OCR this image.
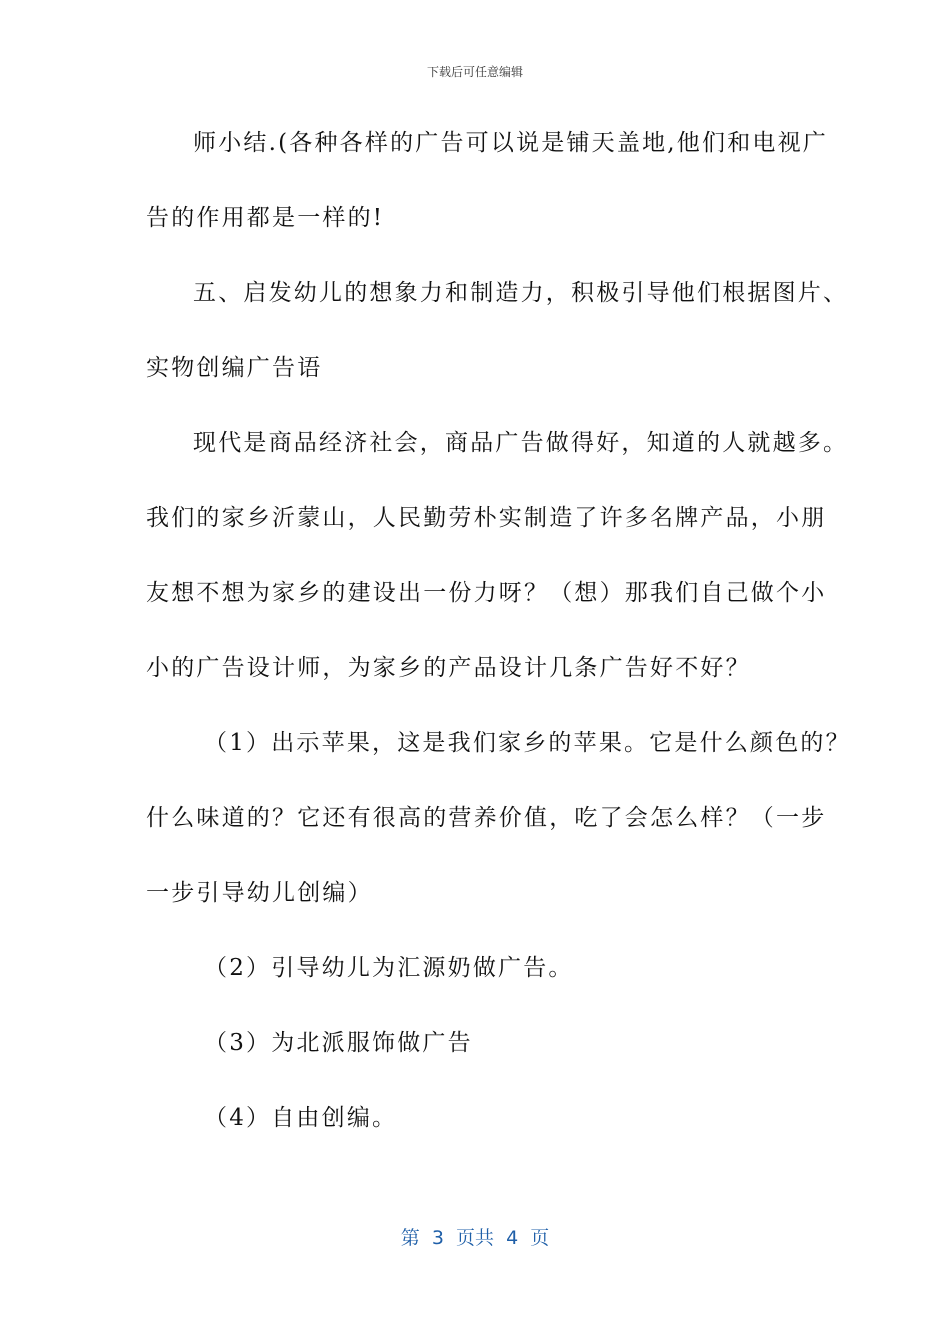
下载后可任意编辑
师小结.(各种各样的广告可以说是铺天盖地,他们和电视广
告的作用都是一样的!
五、启发幼儿的想象力和制造力，积极引导他们根据图片、
实物创编广告语
现代是商品经济社会，商品广告做得好，知道的人就越多。
我们的家乡沂蒙山，人民勤劳朴实制造了许多名牌产品，小朋
友想不想为家乡的建设出一份力呀？（想）那我们自己做个小
小的广告设计师，为家乡的产品设计几条广告好不好？
（1）出示苹果，这是我们家乡的苹果。它是什么颜色的？
什么味道的？它还有很高的营养价值，吃了会怎么样？（一步
一步引导幼儿创编）
（2）引导幼儿为汇源奶做广告。
（3）为北派服饰做广告
（4）自由创编。
第  3  页共  4  页
